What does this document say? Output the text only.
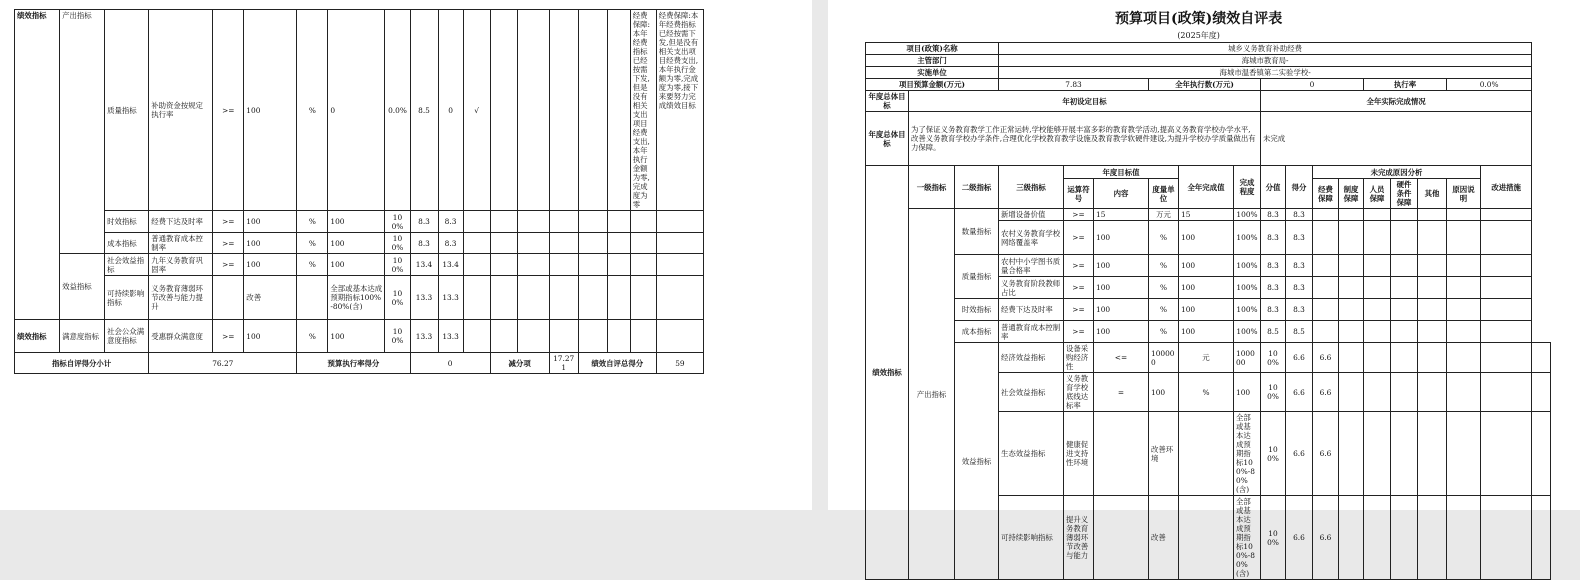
绩效指标	产出指标	质量指标	补助资金按规定执行率	>=	100	%	0	0.0%	8.5	0	√						经费保障:本年经费指标已经按需下发,但是没有相关支出项目经费支出,本年执行金额为零,完成度为零	经费保障:本年经费指标已经按需下发,但是没有相关支出项目经费支出,本年执行金额为零,完成度为零,接下来要努力完成绩效目标
		时效指标	经费下达及时率	>=	100	%	100	100%	8.3	8.3								
		成本指标	普通教育成本控制率	>=	100	%	100	100%	8.3	8.3								
	效益指标	社会效益指标	九年义务教育巩固率	>=	100	%	100	100%	13.4	13.4								
		可持续影响指标	义务教育薄弱环节改善与能力提升		改善		全部或基本达成预期指标100%-80%(含)	100%	13.3	13.3								
绩效指标	满意度指标	社会公众满意度指标	受惠群众满意度	>=	100	%	100	100%	13.3	13.3								
指标自评得分小计			76.27			预算执行率得分			0			减分项		17.271	绩效自评总得分			59
预算项目(政策)绩效自评表																		
(2025年度)																		
项目(政策)名称			城乡义务教育补助经费															
主管部门			海城市教育局-															
实施单位			海城市温香镇第二实验学校-															
项目预算金额(万元)			7.83			全年执行数(万元)			0				执行率			0.0%		
年度总体目标	年初设定目标								全年实际完成情况									
年度总体目标	为了保证义务教育教学工作正常运转,学校能够开展丰富多彩的教育教学活动,提高义务教育学校办学水平,改善义务教育学校办学条件,合理优化学校教育教学设施及教育教学软硬件建设,为提升学校办学质量做出有力保障。								未完成									
绩效指标	一级指标	二级指标	三级指标	年度目标值			全年完成值	完成程度	分值	得分	未完成原因分析						改进措施	
				运算符号	内容	度量单位					经费保障	制度保障	人员保障	硬件条件保障	其他	原因说明		

	产出指标	数量指标	新增设备价值	>=	15	万元	15	100%	8.3	8.3								
			农村义务教育学校网络覆盖率	>=	100	%	100	100%	8.3	8.3								
		质量指标	农村中小学图书质量合格率	>=	100	%	100	100%	8.3	8.3								
			义务教育阶段教师占比	>=	100	%	100	100%	8.3	8.3								
		时效指标	经费下达及时率	>=	100	%	100	100%	8.3	8.3								
		成本指标	普通教育成本控制率	>=	100	%	100	100%	8.5	8.5								
		效益指标	经济效益指标	设备采购经济性	<=	100000	元	100000	100%	6.6	6.6							
			社会效益指标	义务教育学校底线达标率	=	100	%	100	100%	6.6	6.6							
			生态效益指标	健康促进支持性环境		改善环境		全部或基本达成预期指标100%-80%(含)	100%	6.6	6.6							
			可持续影响指标	提升义务教育薄弱环节改善与能力		改善		全部或基本达成预期指标100%-80%(含)	100%	6.6	6.6							
